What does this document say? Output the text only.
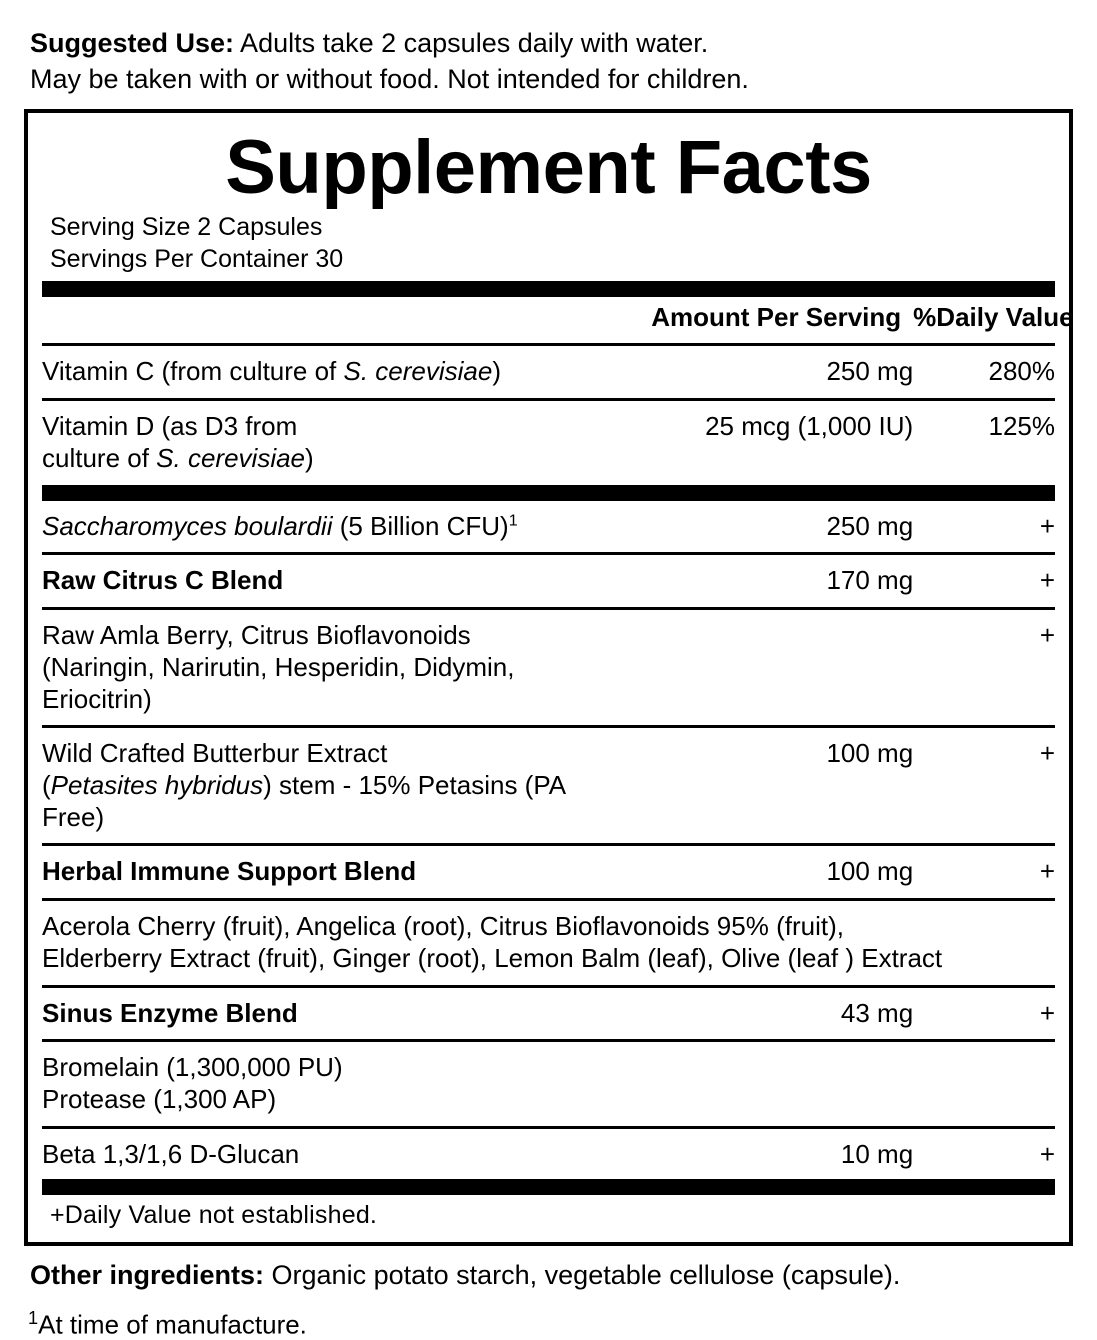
Suggested Use: Adults take 2 capsules daily with water.
May be taken with or without food. Not intended for children.
Supplement Facts
Serving Size 2 Capsules
Servings Per Container 30
	Amount Per Serving	%Daily Value

Vitamin C (from culture of S. cerevisiae)	250 mg	280%

Vitamin D (as D3 from
culture of S. cerevisiae)	25 mcg (1,000 IU)	125%

Saccharomyces boulardii (5 Billion CFU)$^1$	250 mg	+

Raw Citrus C Blend	170 mg	+

Raw Amla Berry, Citrus Bioflavonoids
(Naringin, Narirutin, Hesperidin, Didymin, Eriocitrin)		+

Wild Crafted Butterbur Extract
(Petasites hybridus) stem - 15% Petasins (PA Free)	100 mg	+

Herbal Immune Support Blend	100 mg	+

Acerola Cherry (fruit), Angelica (root), Citrus Bioflavonoids 95% (fruit),
Elderberry Extract (fruit), Ginger (root), Lemon Balm (leaf), Olive (leaf ) Extract		

Sinus Enzyme Blend	43 mg	+

Bromelain (1,300,000 PU)
Protease (1,300 AP)		

Beta 1,3/1,6 D-Glucan	10 mg	+
+Daily Value not established.
Other ingredients: Organic potato starch, vegetable cellulose (capsule).
$^1$At time of manufacture.
